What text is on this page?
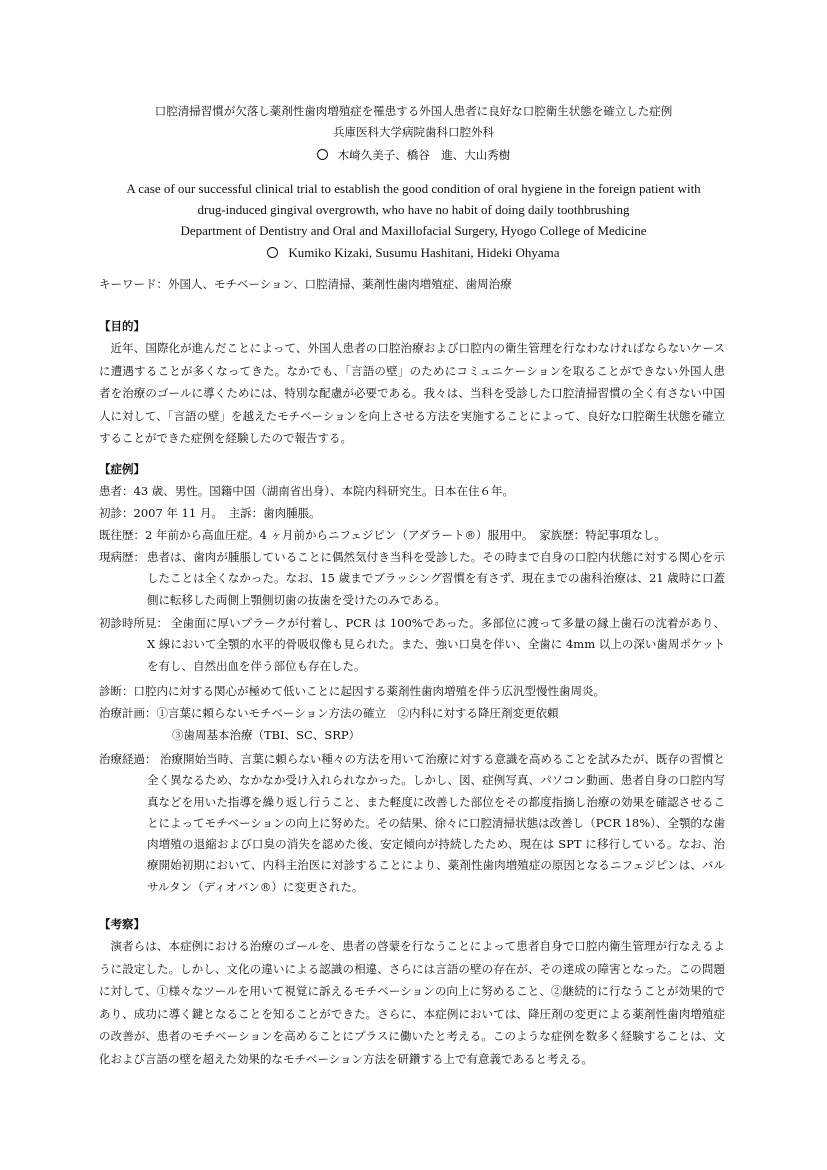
口腔清掃習慣が欠落し薬剤性歯肉増殖症を罹患する外国人患者に良好な口腔衛生状態を確立した症例
兵庫医科大学病院歯科口腔外科
木﨑久美子、橋谷　進、大山秀樹
A case of our successful clinical trial to establish the good condition of oral hygiene in the foreign patient with
drug-induced gingival overgrowth, who have no habit of doing daily toothbrushing
Department of Dentistry and Oral and Maxillofacial Surgery, Hyogo College of Medicine
Kumiko Kizaki, Susumu Hashitani, Hideki Ohyama
キーワード：外国人、モチベーション、口腔清掃、薬剤性歯肉増殖症、歯周治療
【目的】

近年、国際化が進んだことによって、外国人患者の口腔治療および口腔内の衛生管理を行なわなければならないケースに遭遇することが多くなってきた。なかでも、「言語の壁」のためにコミュニケーションを取ることができない外国人患者を治療のゴールに導くためには、特別な配慮が必要である。我々は、当科を受診した口腔清掃習慣の全く有さない中国人に対して、「言語の壁」を越えたモチベーションを向上させる方法を実施することによって、良好な口腔衛生状態を確立することができた症例を経験したので報告する。

【症例】
患者：43 歳、男性。国籍中国（湖南省出身）、本院内科研究生。日本在住６年。
初診：2007 年 11 月。　主訴：歯肉腫脹。
既往歴：2 年前から高血圧症。4 ヶ月前からニフェジピン（アダラート®）服用中。　家族歴：特記事項なし。
現病歴： 患者は、歯肉が腫脹していることに偶然気付き当科を受診した。その時まで自身の口腔内状態に対する関心を示したことは全くなかった。なお、15 歳までブラッシング習慣を有さず、現在までの歯科治療は、21 歳時に口蓋側に転移した両側上顎側切歯の抜歯を受けたのみである。
初診時所見： 全歯面に厚いプラークが付着し、PCR は 100%であった。多部位に渡って多量の縁上歯石の沈着があり、X 線において全顎的水平的骨吸収像も見られた。また、強い口臭を伴い、全歯に 4mm 以上の深い歯周ポケットを有し、自然出血を伴う部位も存在した。
診断：口腔内に対する関心が極めて低いことに起因する薬剤性歯肉増殖を伴う広汎型慢性歯周炎。
治療計画：①言葉に頼らないモチベーション方法の確立　②内科に対する降圧剤変更依頼
③歯周基本治療（TBI、SC、SRP）
治療経過： 治療開始当時、言葉に頼らない種々の方法を用いて治療に対する意識を高めることを試みたが、既存の習慣と全く異なるため、なかなか受け入れられなかった。しかし、図、症例写真、パソコン動画、患者自身の口腔内写真などを用いた指導を繰り返し行うこと、また軽度に改善した部位をその都度指摘し治療の効果を確認させることによってモチベーションの向上に努めた。その結果、徐々に口腔清掃状態は改善し（PCR 18%）、全顎的な歯肉増殖の退縮および口臭の消失を認めた後、安定傾向が持続したため、現在は SPT に移行している。なお、治療開始初期において、内科主治医に対診することにより、薬剤性歯肉増殖症の原因となるニフェジピンは、バルサルタン（ディオバン®）に変更された。
【考察】

演者らは、本症例における治療のゴールを、患者の啓蒙を行なうことによって患者自身で口腔内衛生管理が行なえるように設定した。しかし、文化の違いによる認識の相違、さらには言語の壁の存在が、その達成の障害となった。この問題に対して、①様々なツールを用いて視覚に訴えるモチベーションの向上に努めること、②継続的に行なうことが効果的であり、成功に導く鍵となることを知ることができた。さらに、本症例においては、降圧剤の変更による薬剤性歯肉増殖症の改善が、患者のモチベーションを高めることにプラスに働いたと考える。このような症例を数多く経験することは、文化および言語の壁を超えた効果的なモチベーション方法を研鑽する上で有意義であると考える。
